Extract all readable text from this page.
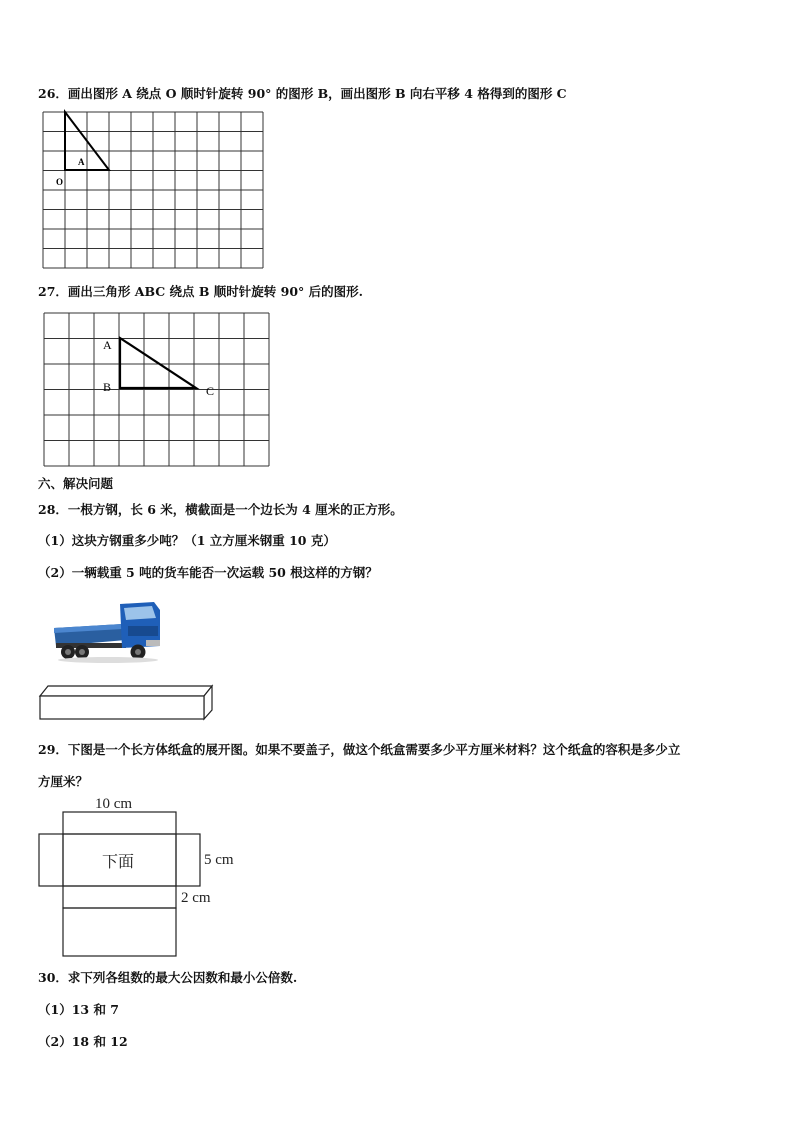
26．画出图形 A 绕点 O 顺时针旋转 90° 的图形 B，画出图形 B 向右平移 4 格得到的图形 C
A
O
27．画出三角形 ABC 绕点 B 顺时针旋转 90° 后的图形.
A
B	C
六、解决问题
28．一根方钢，长 6 米，横截面是一个边长为 4 厘米的正方形。
（1）这块方钢重多少吨？（1 立方厘米钢重 10 克）
（2）一辆载重 5 吨的货车能否一次运载 50 根这样的方钢？
29．下图是一个长方体纸盒的展开图。如果不要盖子，做这个纸盒需要多少平方厘米材料？这个纸盒的容积是多少立
方厘米？
10 cm
5 cm
2 cm
下面
30．求下列各组数的最大公因数和最小公倍数.
（1）13 和 7
（2）18 和 12
